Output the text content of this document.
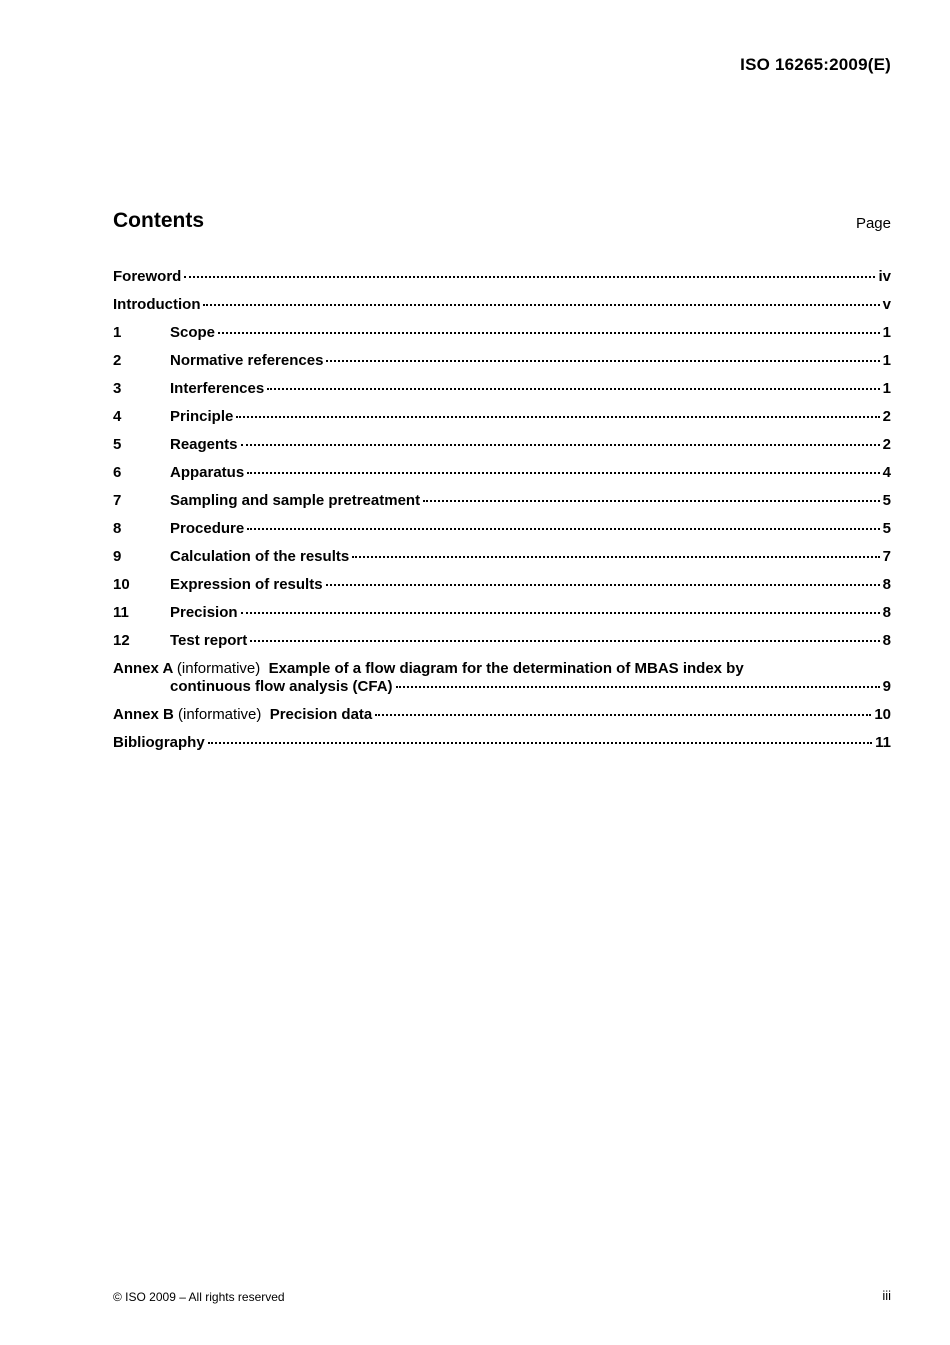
ISO 16265:2009(E)
Contents	Page
Foreword	iv
Introduction	v
1	Scope	1
2	Normative references	1
3	Interferences	1
4	Principle	2
5	Reagents	2
6	Apparatus	4
7	Sampling and sample pretreatment	5
8	Procedure	5
9	Calculation of the results	7
10	Expression of results	8
11	Precision	8
12	Test report	8
Annex A (informative) Example of a flow diagram for the determination of MBAS index by
continuous flow analysis (CFA)	9
Annex B (informative) Precision data	10
Bibliography	11
© ISO 2009 – All rights reserved	iii
